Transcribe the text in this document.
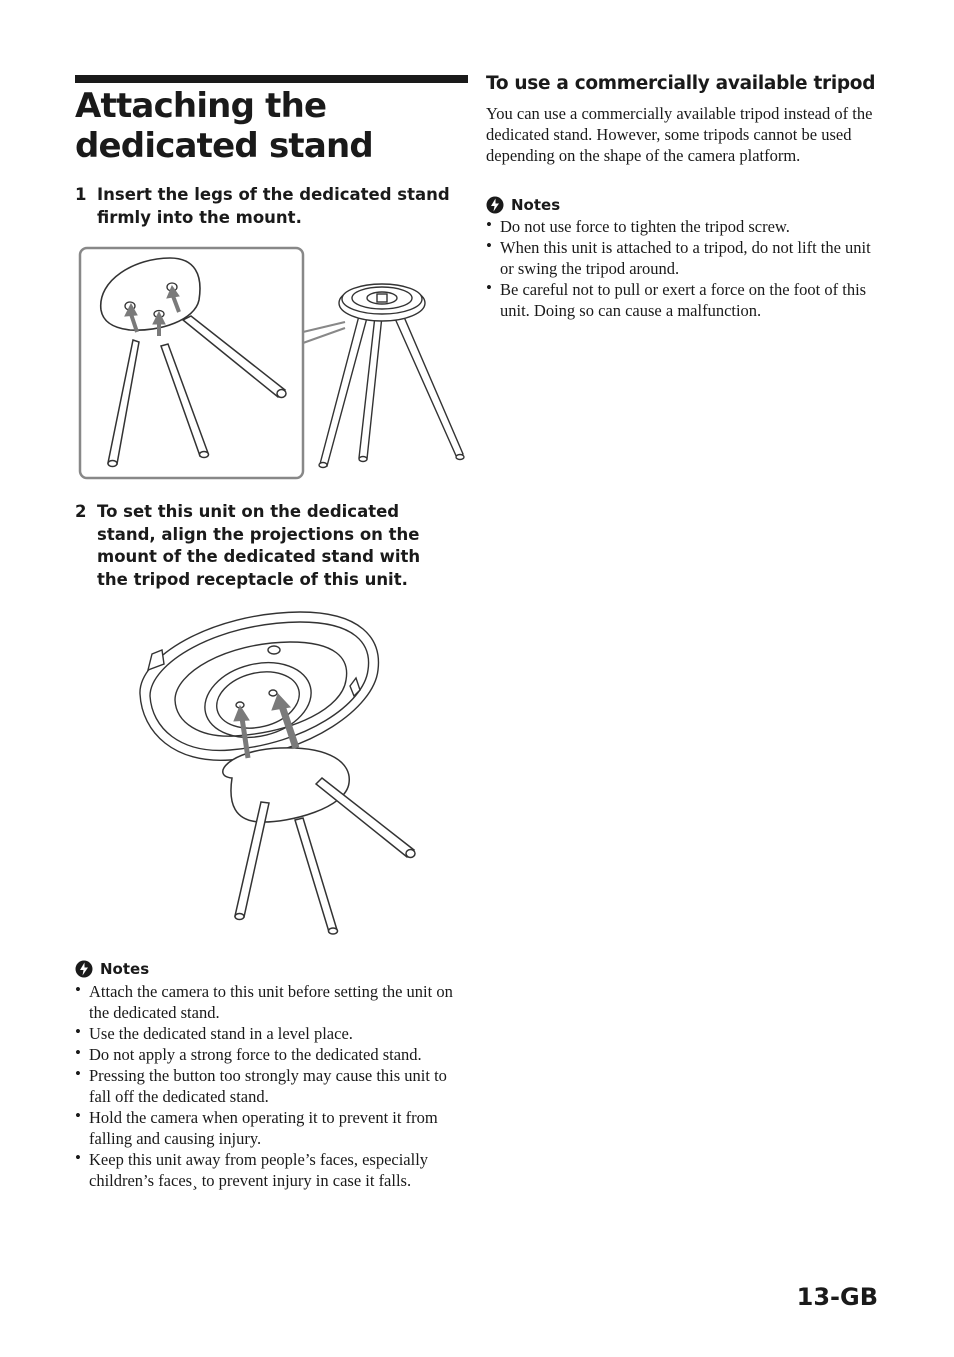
Attaching the dedicated stand
1 Insert the legs of the dedicated stand firmly into the mount.
2 To set this unit on the dedicated stand, align the projections on the mount of the dedicated stand with the tripod receptacle of this unit.
Notes
• Attach the camera to this unit before setting the unit on the dedicated stand.
• Use the dedicated stand in a level place.
• Do not apply a strong force to the dedicated stand.
• Pressing the button too strongly may cause this unit to fall off the dedicated stand.
• Hold the camera when operating it to prevent it from falling and causing injury.
• Keep this unit away from people’s faces, especially children’s faces¸ to prevent injury in case it falls.
To use a commercially available tripod

You can use a commercially available tripod instead of the dedicated stand. However, some tripods cannot be used depending on the shape of the camera platform.

Notes
• Do not use force to tighten the tripod screw.
• When this unit is attached to a tripod, do not lift the unit or swing the tripod around.
• Be careful not to pull or exert a force on the foot of this unit. Doing so can cause a malfunction.
13-GB
